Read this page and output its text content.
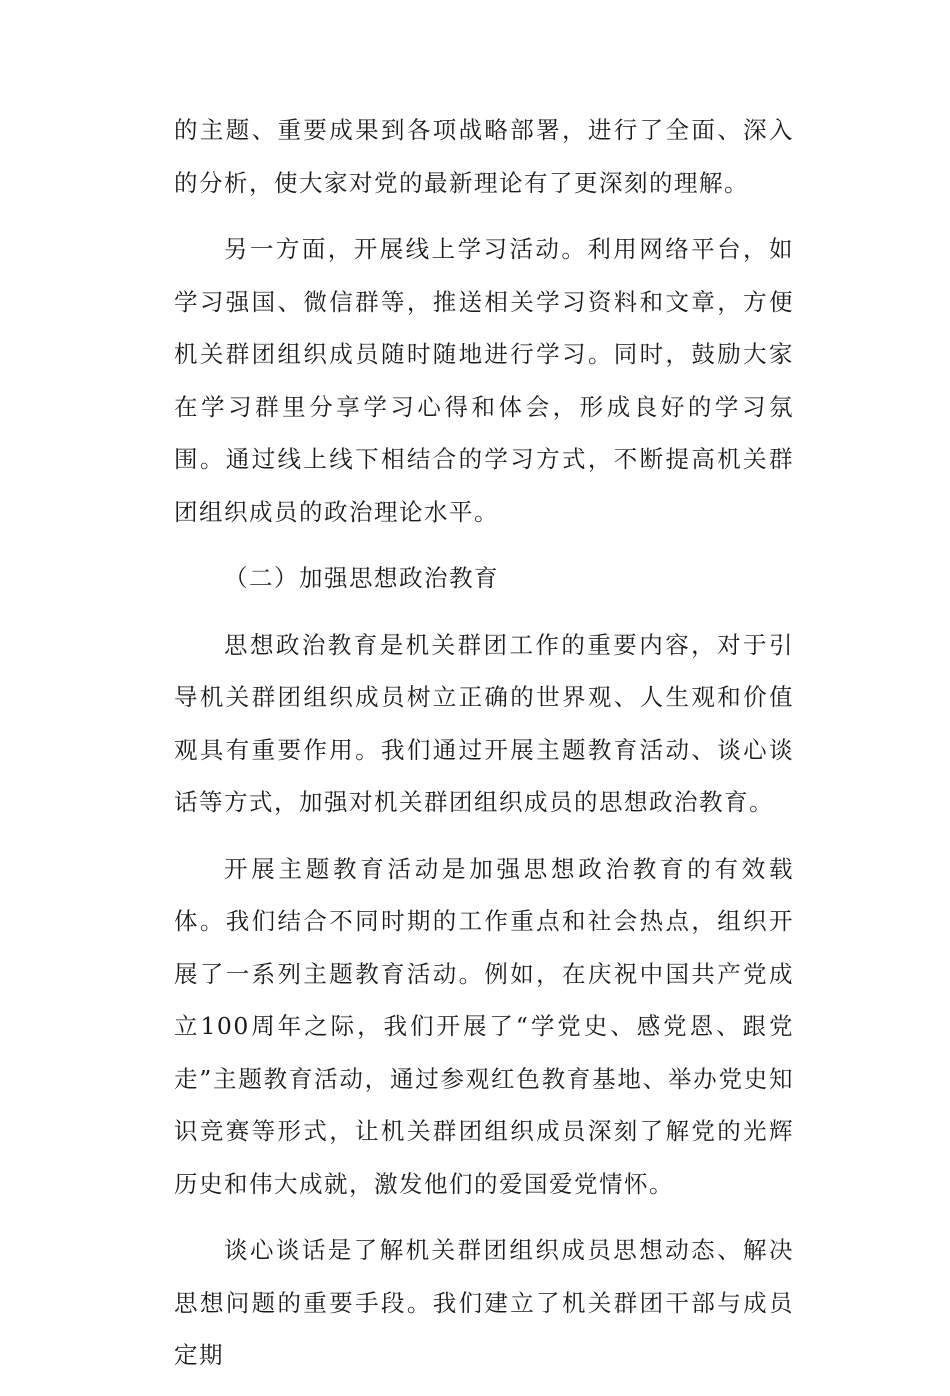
的主题、重要成果到各项战略部署，进行了全面、深入的分析，使大家对党的最新理论有了更深刻的理解。

另一方面，开展线上学习活动。利用网络平台，如学习强国、微信群等，推送相关学习资料和文章，方便机关群团组织成员随时随地进行学习。同时，鼓励大家在学习群里分享学习心得和体会，形成良好的学习氛围。通过线上线下相结合的学习方式，不断提高机关群团组织成员的政治理论水平。

（二）加强思想政治教育

思想政治教育是机关群团工作的重要内容，对于引导机关群团组织成员树立正确的世界观、人生观和价值观具有重要作用。我们通过开展主题教育活动、谈心谈话等方式，加强对机关群团组织成员的思想政治教育。

开展主题教育活动是加强思想政治教育的有效载体。我们结合不同时期的工作重点和社会热点，组织开展了一系列主题教育活动。例如，在庆祝中国共产党成立100周年之际，我们开展了“学党史、感党恩、跟党走”主题教育活动，通过参观红色教育基地、举办党史知识竞赛等形式，让机关群团组织成员深刻了解党的光辉历史和伟大成就，激发他们的爱国爱党情怀。

谈心谈话是了解机关群团组织成员思想动态、解决思想问题的重要手段。我们建立了机关群团干部与成员定期
